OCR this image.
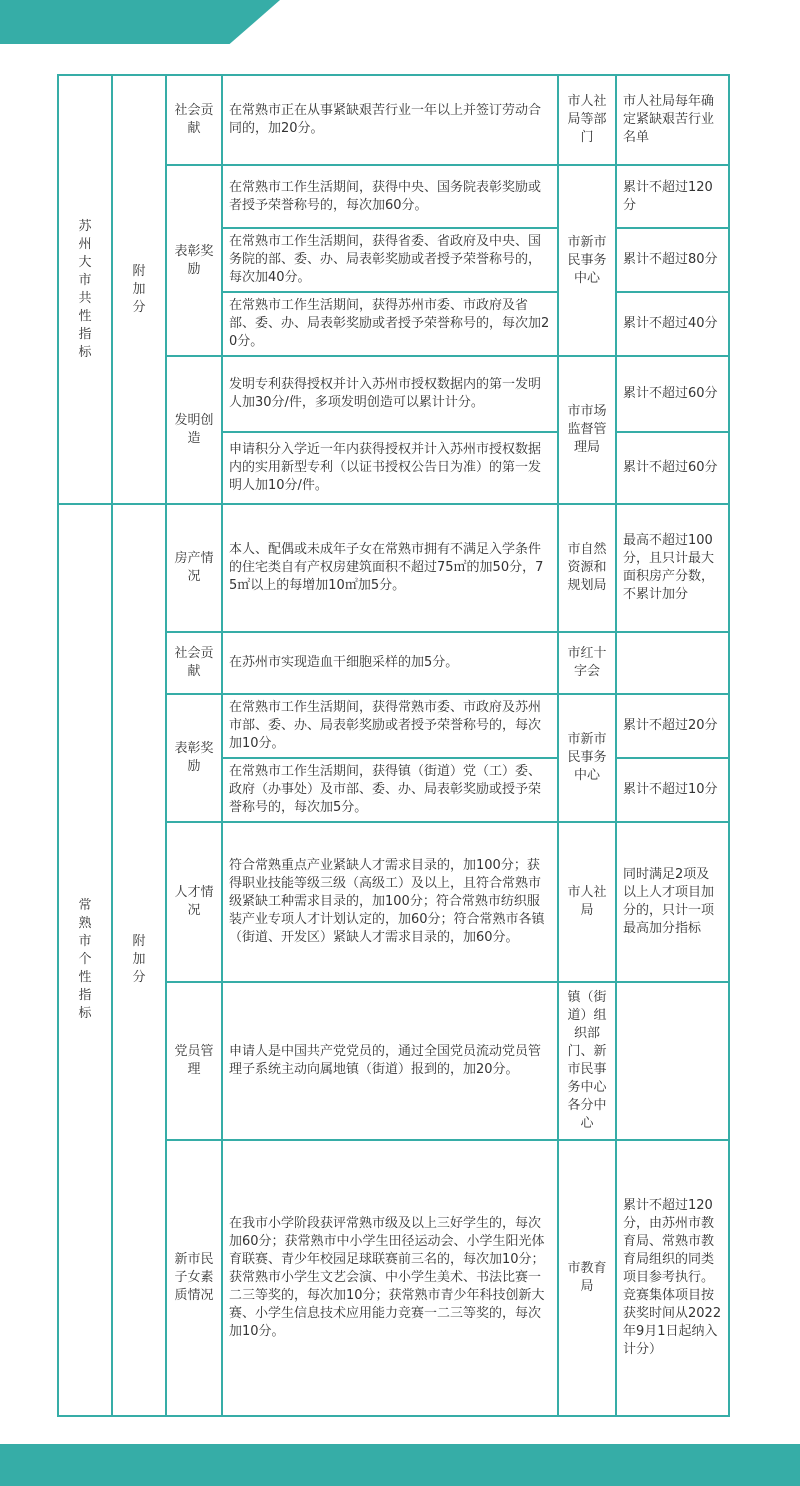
苏州大市共性指标	附加分	社会贡献	在常熟市正在从事紧缺艰苦行业一年以上并签订劳动合同的，加20分。	市人社局等部门	市人社局每年确定紧缺艰苦行业名单
		表彰奖励	在常熟市工作生活期间，获得中央、国务院表彰奖励或者授予荣誉称号的，每次加60分。	市新市民事务中心	累计不超过120分
			在常熟市工作生活期间，获得省委、省政府及中央、国务院的部、委、办、局表彰奖励或者授予荣誉称号的，每次加40分。		累计不超过80分
			在常熟市工作生活期间，获得苏州市委、市政府及省部、委、办、局表彰奖励或者授予荣誉称号的，每次加20分。		累计不超过40分
		发明创造	发明专利获得授权并计入苏州市授权数据内的第一发明人加30分/件，多项发明创造可以累计计分。	市市场监督管理局	累计不超过60分
			申请积分入学近一年内获得授权并计入苏州市授权数据内的实用新型专利（以证书授权公告日为准）的第一发明人加10分/件。		累计不超过60分
常熟市个性指标	附加分	房产情况	本人、配偶或未成年子女在常熟市拥有不满足入学条件的住宅类自有产权房建筑面积不超过75㎡的加50分，75㎡以上的每增加10㎡加5分。	市自然资源和规划局	最高不超过100分，且只计最大面积房产分数，不累计加分
		社会贡献	在苏州市实现造血干细胞采样的加5分。	市红十字会	
		表彰奖励	在常熟市工作生活期间，获得常熟市委、市政府及苏州市部、委、办、局表彰奖励或者授予荣誉称号的，每次加10分。	市新市民事务中心	累计不超过20分
			在常熟市工作生活期间，获得镇（街道）党（工）委、政府（办事处）及市部、委、办、局表彰奖励或授予荣誉称号的，每次加5分。		累计不超过10分
		人才情况	符合常熟重点产业紧缺人才需求目录的，加100分；获得职业技能等级三级（高级工）及以上，且符合常熟市级紧缺工种需求目录的，加100分；符合常熟市纺织服装产业专项人才计划认定的，加60分；符合常熟市各镇（街道、开发区）紧缺人才需求目录的，加60分。	市人社局	同时满足2项及以上人才项目加分的，只计一项最高加分指标
		党员管理	申请人是中国共产党党员的，通过全国党员流动党员管理子系统主动向属地镇（街道）报到的，加20分。	镇（街道）组织部门、新市民事务中心各分中心	
		新市民子女素质情况	在我市小学阶段获评常熟市级及以上三好学生的，每次加60分；获常熟市中小学生田径运动会、小学生阳光体育联赛、青少年校园足球联赛前三名的，每次加10分；获常熟市小学生文艺会演、中小学生美术、书法比赛一二三等奖的，每次加10分；获常熟市青少年科技创新大赛、小学生信息技术应用能力竞赛一二三等奖的，每次加10分。	市教育局	累计不超过120分，由苏州市教育局、常熟市教育局组织的同类项目参考执行。竞赛集体项目按获奖时间从2022年9月1日起纳入计分）
